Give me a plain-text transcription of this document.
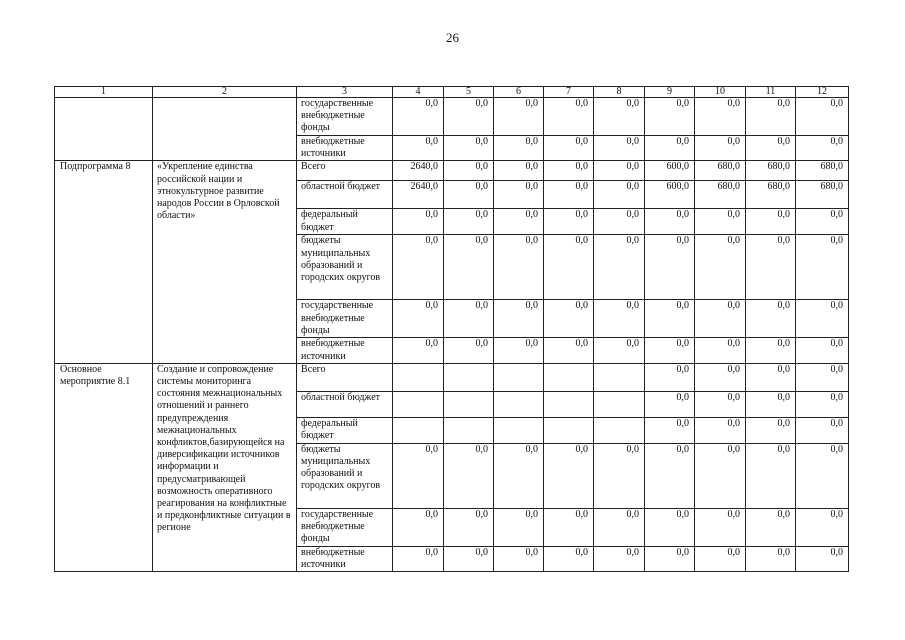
26
1	2	3	4	5	6	7	8	9	10	11	12
		государственные внебюджетные фонды	0,0	0,0	0,0	0,0	0,0	0,0	0,0	0,0	0,0
		внебюджетные источники	0,0	0,0	0,0	0,0	0,0	0,0	0,0	0,0	0,0
Подпрограмма 8	«Укрепление единства российской нации и этнокультурное развитие народов России в Орловской области»	Всего	2640,0	0,0	0,0	0,0	0,0	600,0	680,0	680,0	680,0
		областной бюджет	2640,0	0,0	0,0	0,0	0,0	600,0	680,0	680,0	680,0
		федеральный бюджет	0,0	0,0	0,0	0,0	0,0	0,0	0,0	0,0	0,0
		бюджеты муниципальных образований и городских округов	0,0	0,0	0,0	0,0	0,0	0,0	0,0	0,0	0,0
		государственные внебюджетные фонды	0,0	0,0	0,0	0,0	0,0	0,0	0,0	0,0	0,0
		внебюджетные источники	0,0	0,0	0,0	0,0	0,0	0,0	0,0	0,0	0,0
Основное мероприятие 8.1	Создание и сопровождение системы мониторинга состояния межнациональных отношений и раннего предупреждения межнациональных конфликтов,базирующейся на диверсификации источников информации и предусматривающей возможность оперативного реагирования на конфликтные и предконфликтные ситуации в регионе	Всего						0,0	0,0	0,0	0,0
		областной бюджет						0,0	0,0	0,0	0,0
		федеральный бюджет						0,0	0,0	0,0	0,0
		бюджеты муниципальных образований и городских округов	0,0	0,0	0,0	0,0	0,0	0,0	0,0	0,0	0,0
		государственные внебюджетные фонды	0,0	0,0	0,0	0,0	0,0	0,0	0,0	0,0	0,0
		внебюджетные источники	0,0	0,0	0,0	0,0	0,0	0,0	0,0	0,0	0,0
